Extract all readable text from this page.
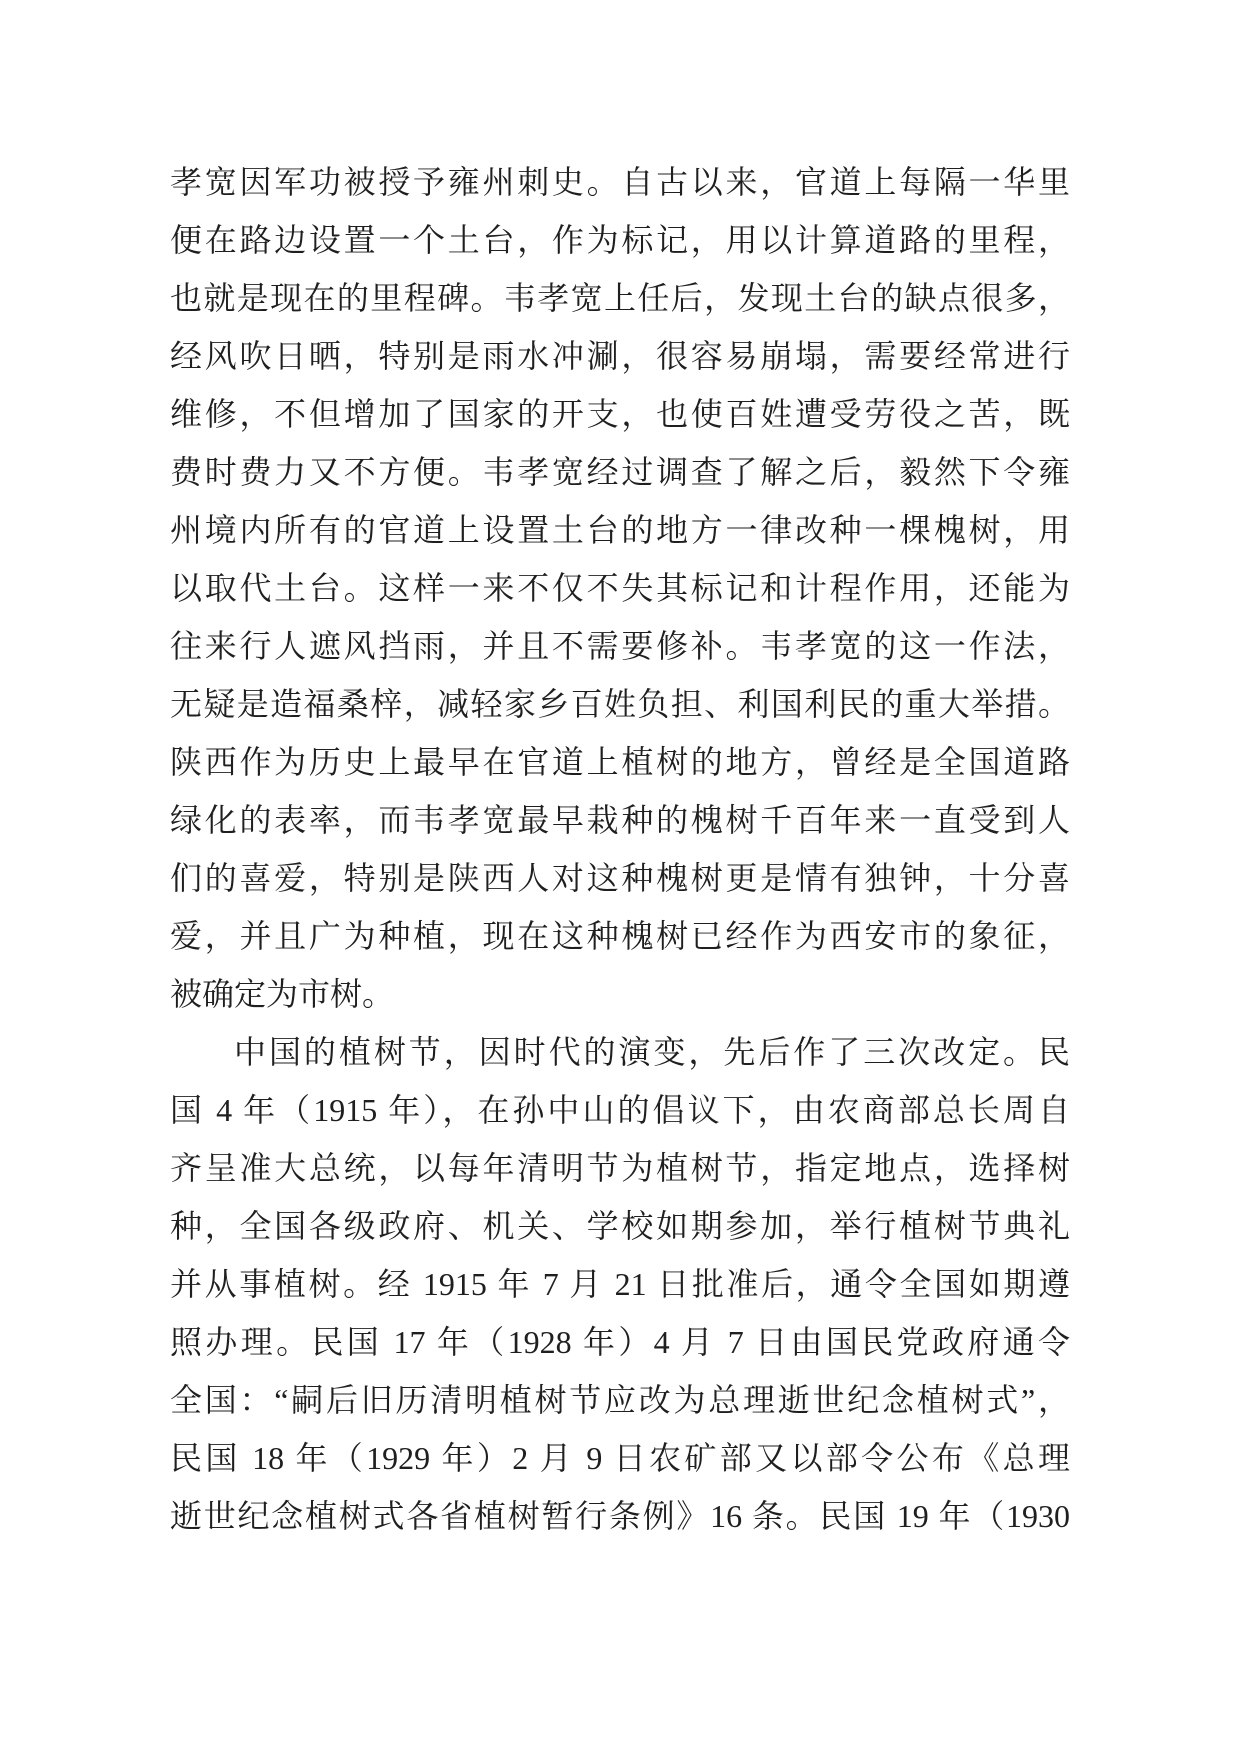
孝宽因军功被授予雍州刺史。自古以来，官道上每隔一华里
便在路边设置一个土台，作为标记，用以计算道路的里程，
也就是现在的里程碑。韦孝宽上任后，发现土台的缺点很多，
经风吹日晒，特别是雨水冲涮，很容易崩塌，需要经常进行
维修，不但增加了国家的开支，也使百姓遭受劳役之苦，既
费时费力又不方便。韦孝宽经过调查了解之后，毅然下令雍
州境内所有的官道上设置土台的地方一律改种一棵槐树，用
以取代土台。这样一来不仅不失其标记和计程作用，还能为
往来行人遮风挡雨，并且不需要修补。韦孝宽的这一作法，
无疑是造福桑梓，减轻家乡百姓负担、利国利民的重大举措。
陕西作为历史上最早在官道上植树的地方，曾经是全国道路
绿化的表率，而韦孝宽最早栽种的槐树千百年来一直受到人
们的喜爱，特别是陕西人对这种槐树更是情有独钟，十分喜
爱，并且广为种植，现在这种槐树已经作为西安市的象征，
被确定为市树。
中国的植树节，因时代的演变，先后作了三次改定。民
国 4 年（1915 年），在孙中山的倡议下，由农商部总长周自
齐呈准大总统，以每年清明节为植树节，指定地点，选择树
种，全国各级政府、机关、学校如期参加，举行植树节典礼
并从事植树。经 1915 年 7 月 21 日批准后，通令全国如期遵
照办理。民国 17 年（1928 年）4 月 7 日由国民党政府通令
全国：“嗣后旧历清明植树节应改为总理逝世纪念植树式”，
民国 18 年（1929 年）2 月 9 日农矿部又以部令公布《总理
逝世纪念植树式各省植树暂行条例》16 条。民国 19 年（1930
